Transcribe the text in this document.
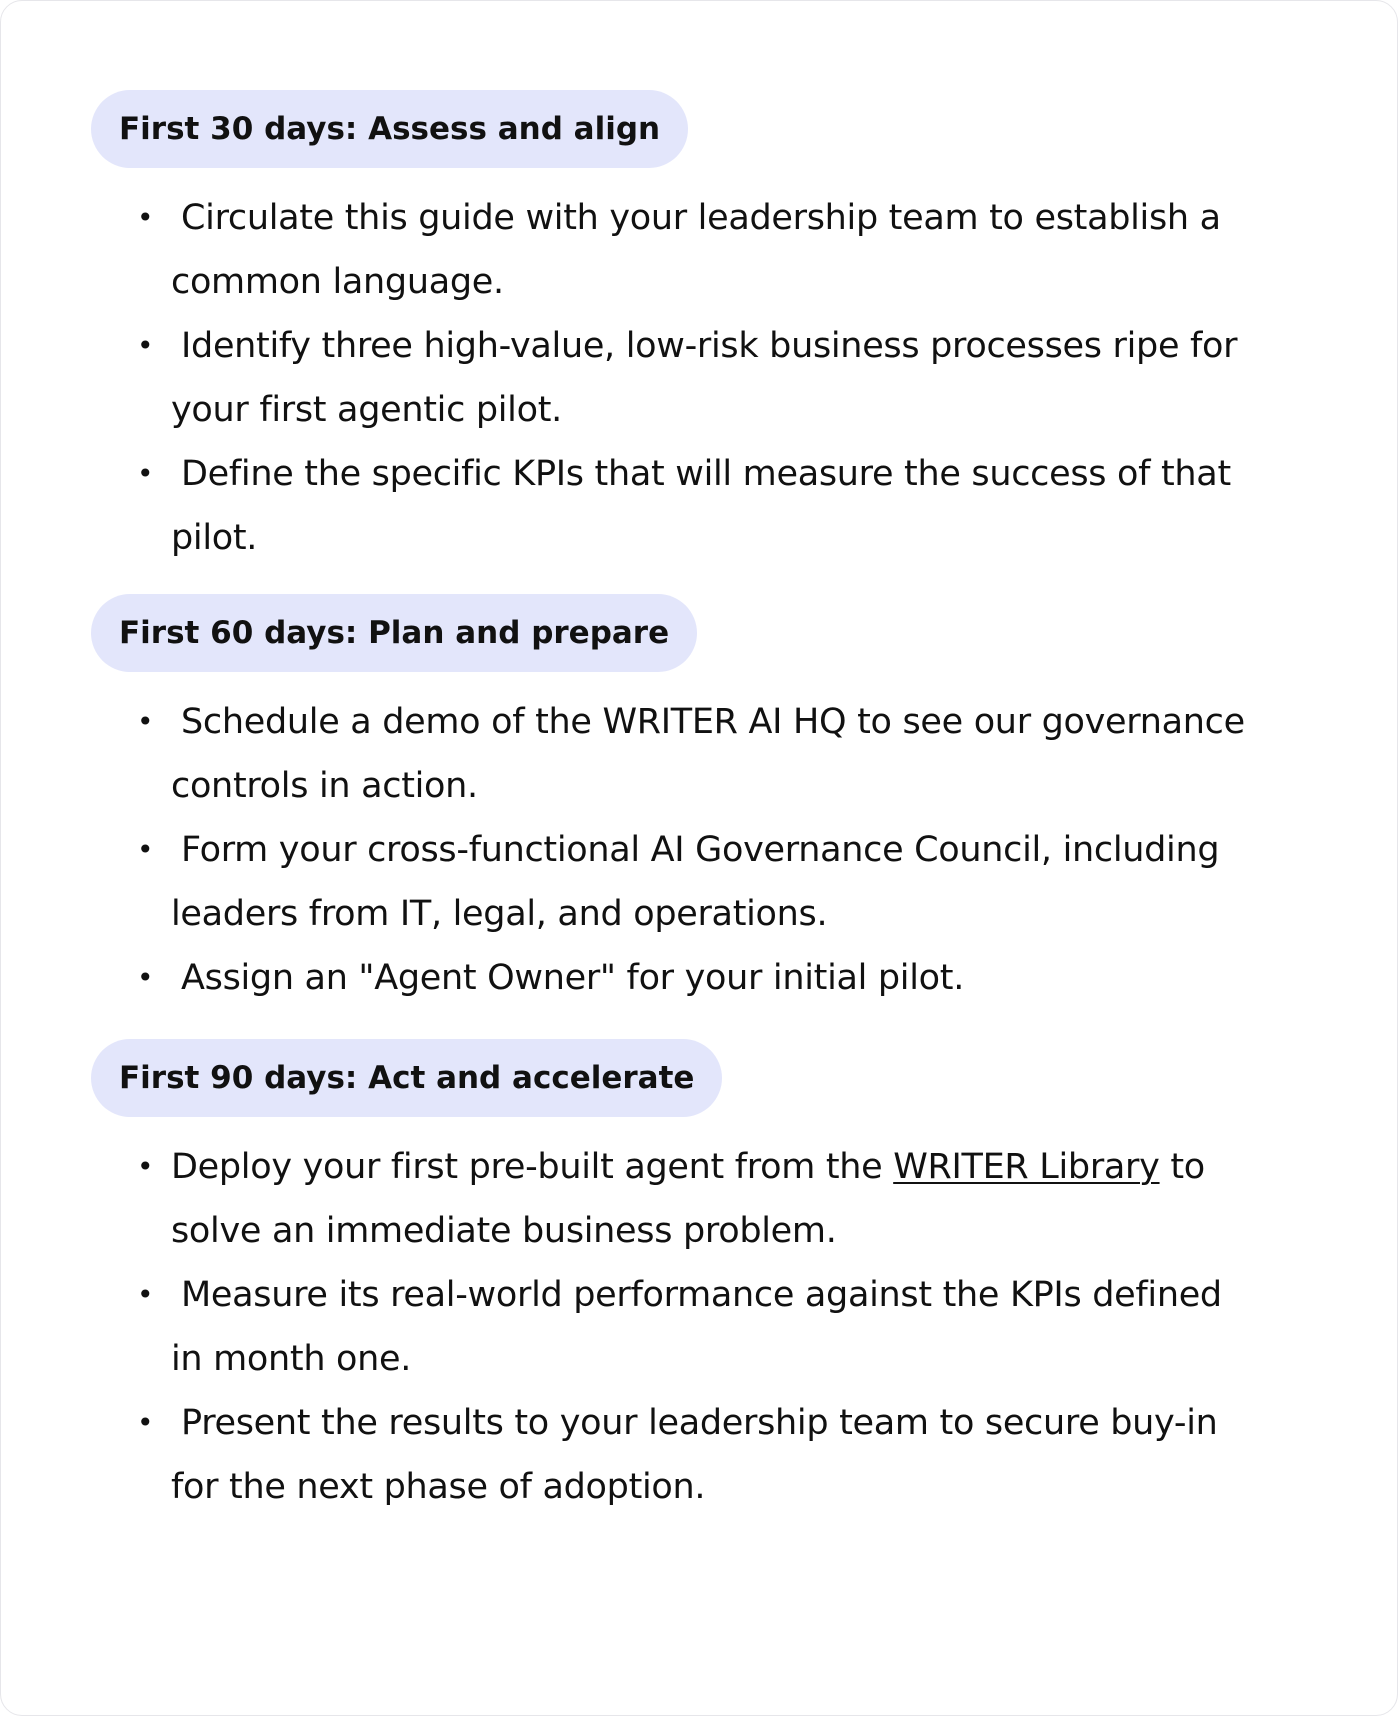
First 30 days: Assess and align
• Circulate this guide with your leadership team to establish a common language.
• Identify three high-value, low-risk business processes ripe for your first agentic pilot.
• Define the specific KPIs that will measure the success of that pilot.
First 60 days: Plan and prepare
• Schedule a demo of the WRITER AI HQ to see our governance controls in action.
• Form your cross-functional AI Governance Council, including leaders from IT, legal, and operations.
• Assign an "Agent Owner" for your initial pilot.
First 90 days: Act and accelerate
• Deploy your first pre-built agent from the WRITER Library to solve an immediate business problem.
• Measure its real-world performance against the KPIs defined in month one.
• Present the results to your leadership team to secure buy-in for the next phase of adoption.
